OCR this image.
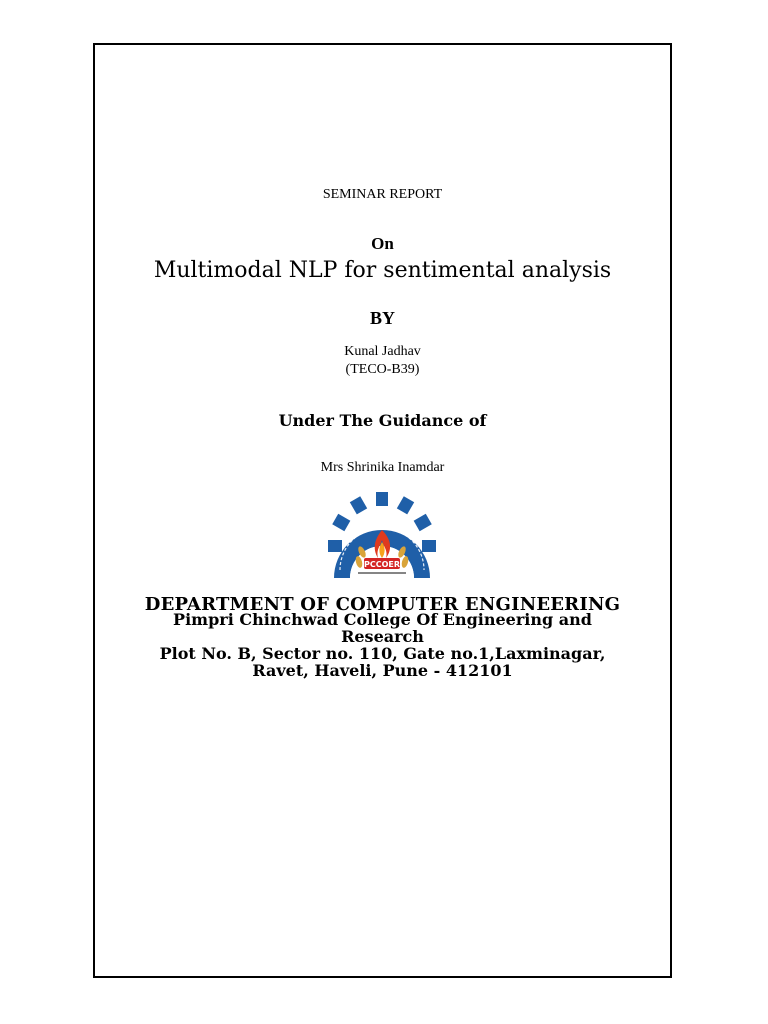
SEMINAR REPORT
On
Multimodal NLP for sentimental analysis
BY
Kunal Jadhav
(TECO-B39)
Under The Guidance of
Mrs Shrinika Inamdar
PCCOER
DEPARTMENT OF COMPUTER ENGINEERING
Pimpri Chinchwad College Of Engineering and
Research
Plot No. B, Sector no. 110, Gate no.1,Laxminagar,
Ravet, Haveli, Pune - 412101
